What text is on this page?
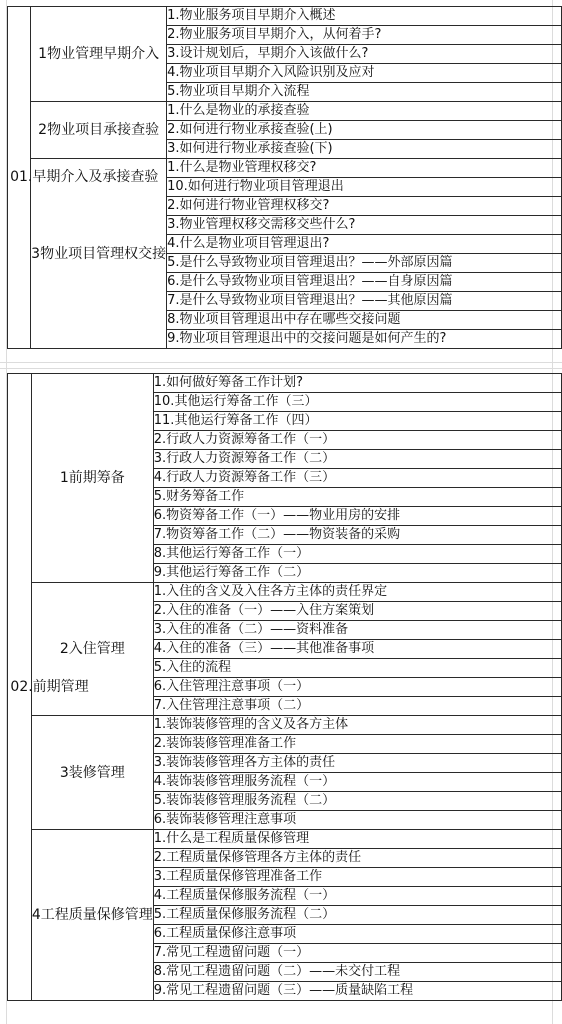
01.早期介入及承接查验	1物业管理早期介入	1.物业服务项目早期介入概述
		2.物业服务项目早期介入，从何着手?
		3.设计规划后，早期介入该做什么?
		4.物业项目早期介入风险识别及应对
		5.物业项目早期介入流程
	2物业项目承接查验	1.什么是物业的承接查验
		2.如何进行物业承接查验(上)
		3.如何进行物业承接查验(下)
	3物业项目管理权交接	1.什么是物业管理权移交?
		10.如何进行物业项目管理退出
		2.如何进行物业管理权移交?
		3.物业管理权移交需移交些什么?
		4.什么是物业项目管理退出?
		5.是什么导致物业项目管理退出？——外部原因篇
		6.是什么导致物业项目管理退出？——自身原因篇
		7.是什么导致物业项目管理退出？——其他原因篇
		8.物业项目管理退出中存在哪些交接问题
		9.物业项目管理退出中的交接问题是如何产生的?
02.前期管理	1前期筹备	1.如何做好筹备工作计划?
		10.其他运行筹备工作（三）
		11.其他运行筹备工作（四）
		2.行政人力资源筹备工作（一）
		3.行政人力资源筹备工作（二）
		4.行政人力资源筹备工作（三）
		5.财务筹备工作
		6.物资筹备工作（一）——物业用房的安排
		7.物资筹备工作（二）——物资装备的采购
		8.其他运行筹备工作（一）
		9.其他运行筹备工作（二）
	2入住管理	1.入住的含义及入住各方主体的责任界定
		2.入住的准备（一）——入住方案策划
		3.入住的准备（二）——资料准备
		4.入住的准备（三）——其他准备事项
		5.入住的流程
		6.入住管理注意事项（一）
		7.入住管理注意事项（二）
	3装修管理	1.装饰装修管理的含义及各方主体
		2.装饰装修管理准备工作
		3.装饰装修管理各方主体的责任
		4.装饰装修管理服务流程（一）
		5.装饰装修管理服务流程（二）
		6.装饰装修管理注意事项
	4工程质量保修管理	1.什么是工程质量保修管理
		2.工程质量保修管理各方主体的责任
		3.工程质量保修管理准备工作
		4.工程质量保修服务流程（一）
		5.工程质量保修服务流程（二）
		6.工程质量保修注意事项
		7.常见工程遗留问题（一）
		8.常见工程遗留问题（二）——未交付工程
		9.常见工程遗留问题（三）——质量缺陷工程
